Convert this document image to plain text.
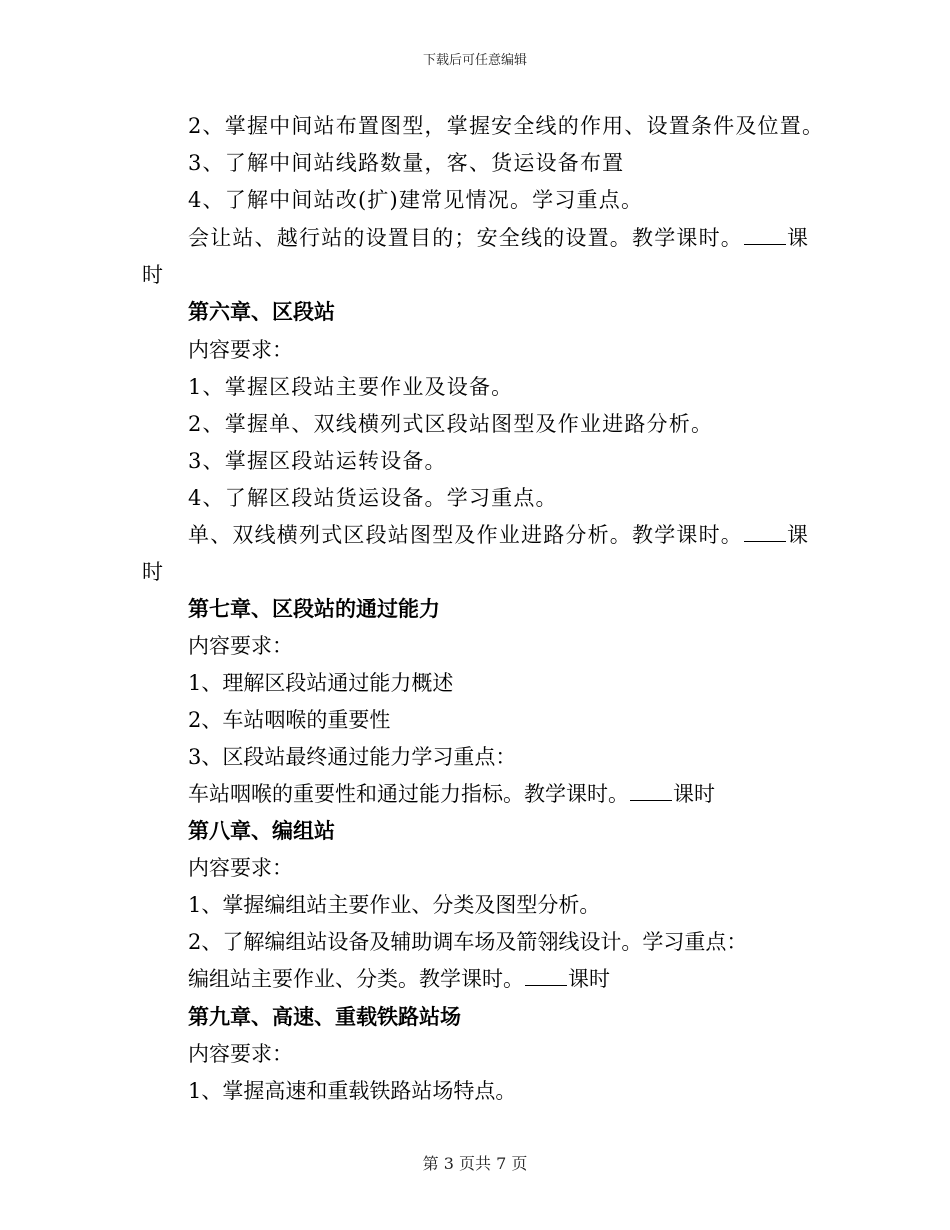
下载后可任意编辑
2、掌握中间站布置图型，掌握安全线的作用、设置条件及位置。
3、了解中间站线路数量，客、货运设备布置
4、了解中间站改(扩)建常见情况。学习重点。
会让站、越行站的设置目的；安全线的设置。教学课时。 课
时
第六章、区段站
内容要求：
1、掌握区段站主要作业及设备。
2、掌握单、双线横列式区段站图型及作业进路分析。
3、掌握区段站运转设备。
4、了解区段站货运设备。学习重点。
单、双线横列式区段站图型及作业进路分析。教学课时。 课
时
第七章、区段站的通过能力
内容要求：
1、理解区段站通过能力概述
2、车站咽喉的重要性
3、区段站最终通过能力学习重点：
车站咽喉的重要性和通过能力指标。教学课时。 课时
第八章、编组站
内容要求：
1、掌握编组站主要作业、分类及图型分析。
2、了解编组站设备及辅助调车场及箭翎线设计。学习重点：
编组站主要作业、分类。教学课时。 课时
第九章、高速、重载铁路站场
内容要求：
1、掌握高速和重载铁路站场特点。
第 3 页共 7 页
